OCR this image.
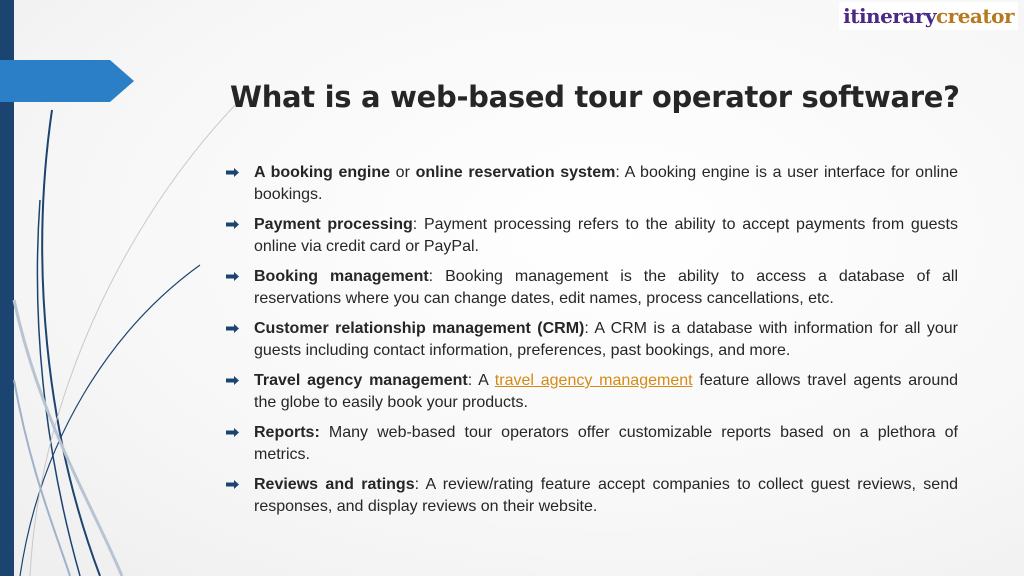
itinerarycreator
What is a web-based tour operator software?
A booking engine or online reservation system: A booking engine is a user interface for online bookings.
Payment processing: Payment processing refers to the ability to accept payments from guests online via credit card or PayPal.
Booking management: Booking management is the ability to access a database of all reservations where you can change dates, edit names, process cancellations, etc.
Customer relationship management (CRM): A CRM is a database with information for all your guests including contact information, preferences, past bookings, and more.
Travel agency management: A travel agency management feature allows travel agents around the globe to easily book your products.
Reports: Many web-based tour operators offer customizable reports based on a plethora of metrics.
Reviews and ratings: A review/rating feature accept companies to collect guest reviews, send responses, and display reviews on their website.
